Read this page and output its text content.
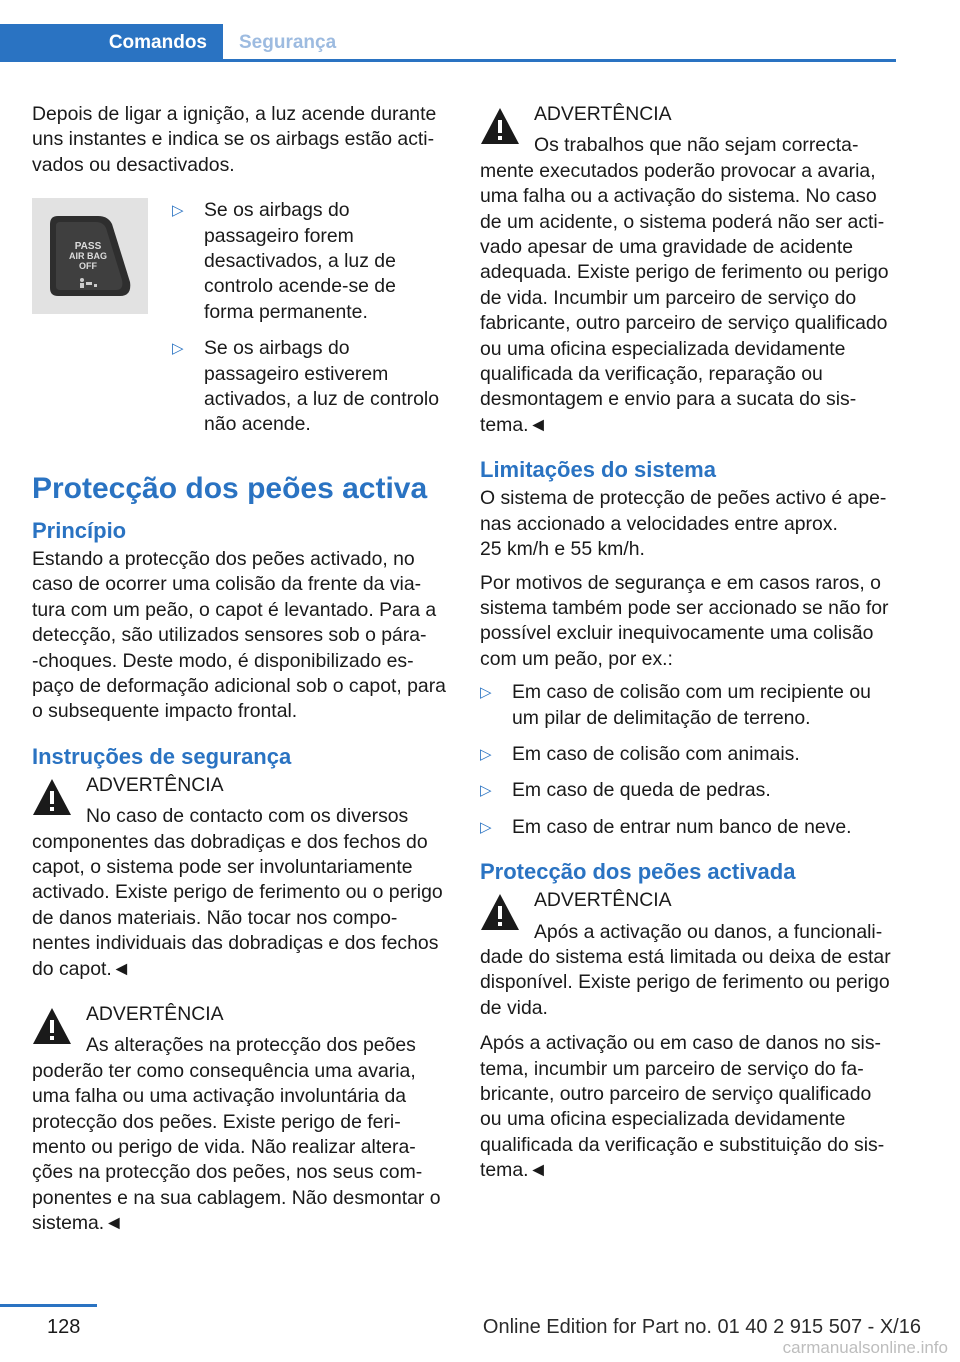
Comandos	Segurança

Depois de ligar a ignição, a luz acende durante uns instantes e indica se os airbags estão activados ou desactivados.

PASS
AIR BAG
OFF
▷ Se os airbags do passageiro forem desactivados, a luz de controlo acende-se de forma permanente.
▷ Se os airbags do passageiro estiverem activados, a luz de controlo não acende.
Protecção dos peões activa
Princípio

Estando a protecção dos peões activado, no caso de ocorrer uma colisão da frente da viatura com um peão, o capot é levantado. Para a detecção, são utilizados sensores sob o pára-‑choques. Deste modo, é disponibilizado espaço de deformação adicional sob o capot, para o subsequente impacto frontal.

Instruções de segurança
ADVERTÊNCIA
No caso de contacto com os diversos componentes das dobradiças e dos fechos do capot, o sistema pode ser involuntariamente activado. Existe perigo de ferimento ou o perigo de danos materiais. Não tocar nos componentes individuais das dobradiças e dos fechos do capot.◄
ADVERTÊNCIA
As alterações na protecção dos peões poderão ter como consequência uma avaria, uma falha ou uma activação involuntária da protecção dos peões. Existe perigo de ferimento ou perigo de vida. Não realizar alterações na protecção dos peões, nos seus componentes e na sua cablagem. Não desmontar o sistema.◄
ADVERTÊNCIA
Os trabalhos que não sejam correctamente executados poderão provocar a avaria, uma falha ou a activação do sistema. No caso de um acidente, o sistema poderá não ser activado apesar de uma gravidade de acidente adequada. Existe perigo de ferimento ou perigo de vida. Incumbir um parceiro de serviço do fabricante, outro parceiro de serviço qualificado ou uma oficina especializada devidamente qualificada da verificação, reparação ou desmontagem e envio para a sucata do sistema.◄
Limitações do sistema

O sistema de protecção de peões activo é apenas accionado a velocidades entre aprox.

25 km/h e 55 km/h.

Por motivos de segurança e em casos raros, o sistema também pode ser accionado se não for possível excluir inequivocamente uma colisão com um peão, por ex.:

▷ Em caso de colisão com um recipiente ou um pilar de delimitação de terreno.
▷ Em caso de colisão com animais.
▷ Em caso de queda de pedras.
▷ Em caso de entrar num banco de neve.
Protecção dos peões activada
ADVERTÊNCIA
Após a activação ou danos, a funcionalidade do sistema está limitada ou deixa de estar disponível. Existe perigo de ferimento ou perigo de vida.

Após a activação ou em caso de danos no sistema, incumbir um parceiro de serviço do fabricante, outro parceiro de serviço qualificado ou uma oficina especializada devidamente qualificada da verificação e substituição do sistema.◄

128	Online Edition for Part no. 01 40 2 915 507 - X/16
carmanualsonline.info
